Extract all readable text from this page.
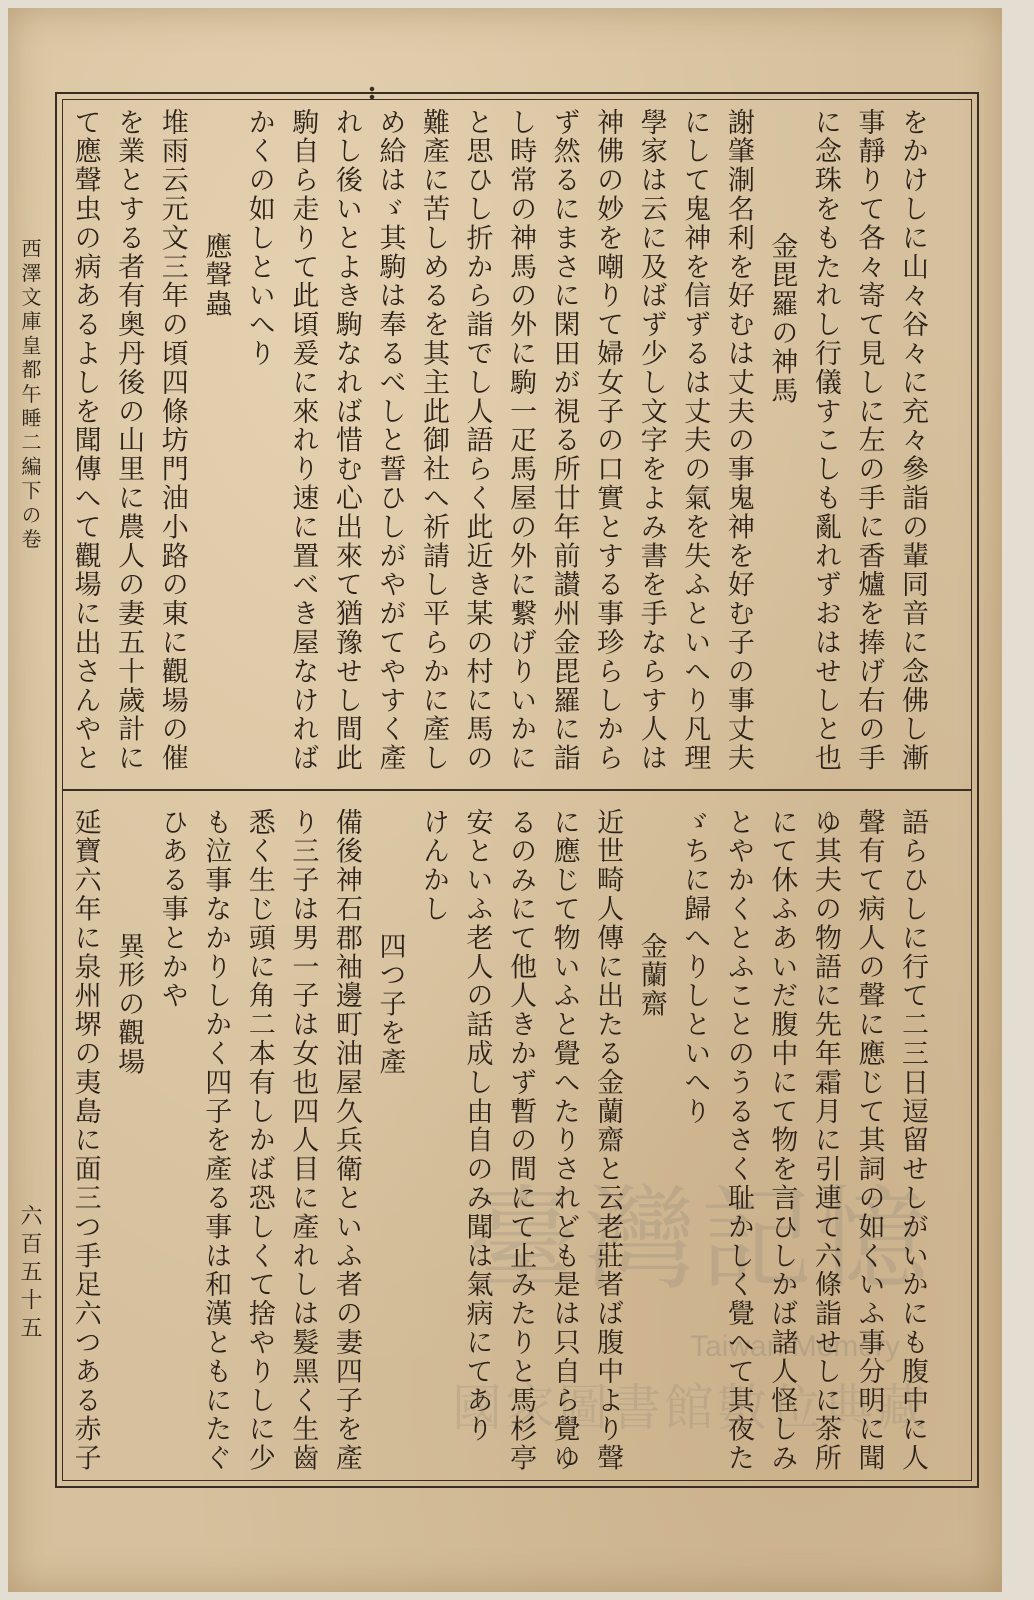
西澤文庫皇都午睡二編下の卷
六百五十五	臺灣記憶
Taiwan Memory
國家圖書館數位典藏
をかけしに山々谷々に充々參詣の輩同音に念佛し漸
事靜りて各々寄て見しに左の手に香爐を捧げ右の手
に念珠をもたれし行儀すこしも亂れずおはせしと也
金毘羅の神馬
謝肇淛名利を好むは丈夫の事鬼神を好む子の事丈夫
にして鬼神を信ずるは丈夫の氣を失ふといへり凡理
學家は云に及ばず少し文字をよみ書を手ならす人は
神佛の妙を嘲りて婦女子の口實とする事珍らしから
ず然るにまさに閑田が視る所廿年前讃州金毘羅に詣
し時常の神馬の外に駒一疋馬屋の外に繋げりいかに
と思ひし折から詣でし人語らく此近き某の村に馬の
難產に苦しめるを其主此御社へ祈請し平らかに產し
め給はゞ其駒は奉るべしと誓ひしがやがてやすく產
れし後いとよき駒なれば惜む心出來て猶豫せし間此
駒自ら走りて此頃爰に來れり速に置べき屋なければ
かくの如しといへり
應聲蟲
堆雨云元文三年の頃四條坊門油小路の東に觀場の催
を業とする者有奥丹後の山里に農人の妻五十歲計に
て應聲虫の病あるよしを聞傳へて觀場に出さんやと
語らひしに行て二三日逗留せしがいかにも腹中に人
聲有て病人の聲に應じて其詞の如くいふ事分明に聞
ゆ其夫の物語に先年霜月に引連て六條詣せしに茶所
にて休ふあいだ腹中にて物を言ひしかば諸人怪しみ
とやかくとふことのうるさく耻かしく覺へて其夜た
ゞちに歸へりしといへり
金蘭齋
近世畸人傳に出たる金蘭齋と云老莊者ば腹中より聲
に應じて物いふと覺へたりされども是は只自ら覺ゆ
るのみにて他人きかず暫の間にて止みたりと馬杉亭
安といふ老人の話成し由自のみ聞は氣病にてあり
けんかし
四つ子を產
備後神石郡袖邊町油屋久兵衛といふ者の妻四子を產
り三子は男一子は女也四人目に產れしは髮黑く生齒
悉く生じ頭に角二本有しかば恐しくて捨やりしに少
も泣事なかりしかく四子を產る事は和漢ともにたぐ
ひある事とかや
異形の觀場
延寶六年に泉州堺の夷島に面三つ手足六つある赤子
